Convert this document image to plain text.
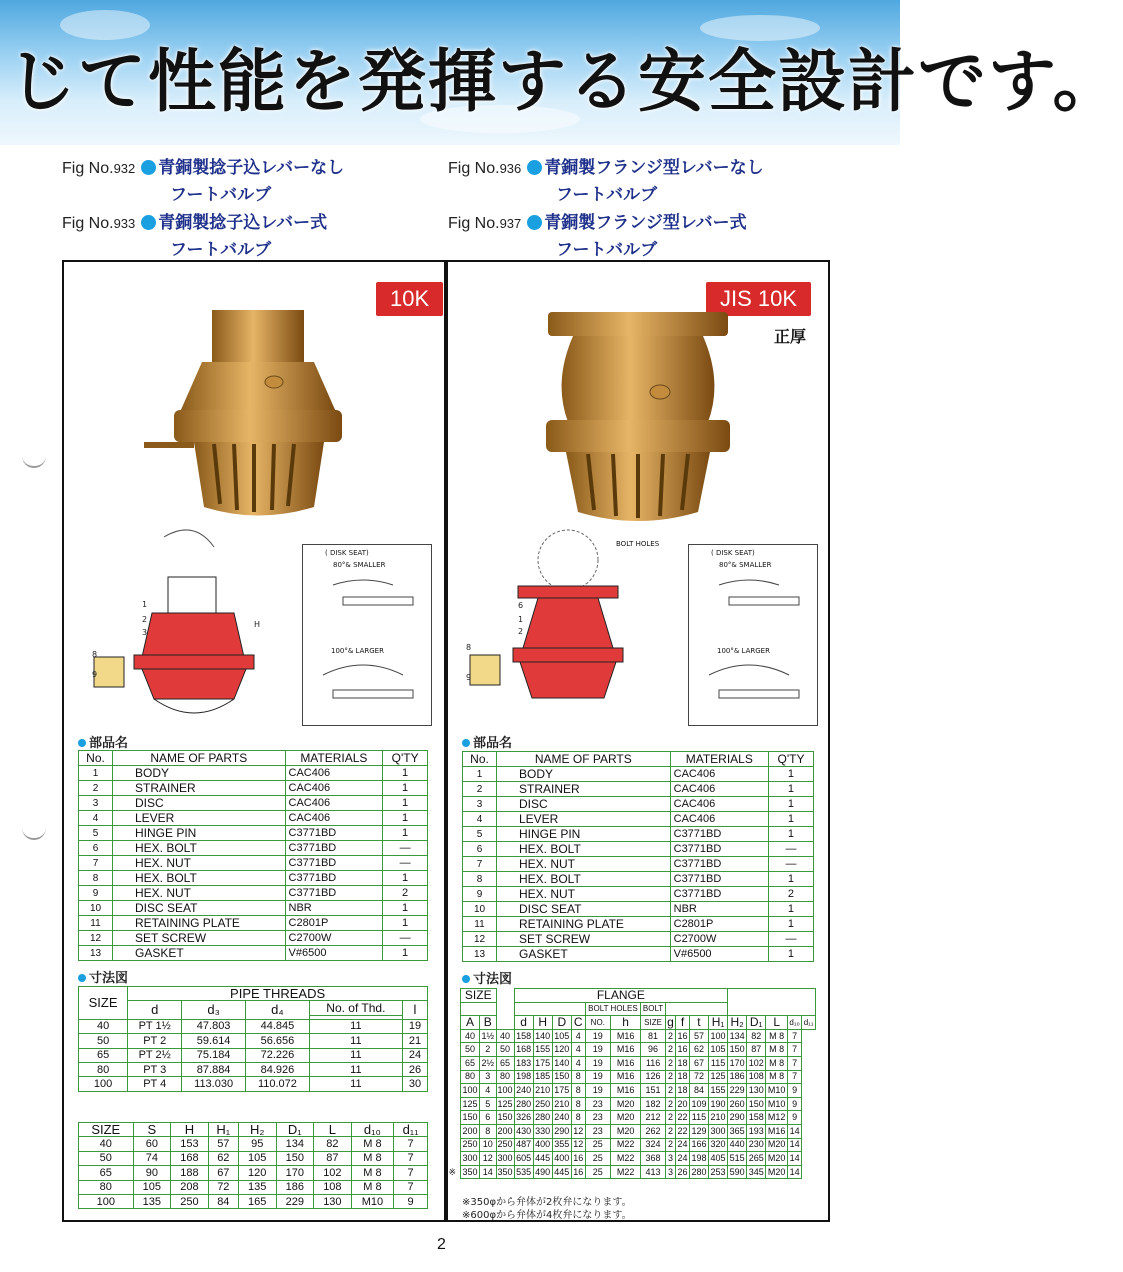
じて性能を発揮する安全設計です。
Fig No.932 青銅製捻子込レバーなし
フートバルブ
Fig No.933 青銅製捻子込レバー式
フートバルブ
Fig No.936 青銅製フランジ型レバーなし
フートバルブ
Fig No.937 青銅製フランジ型レバー式
フートバルブ
10K
1
2
3
8
9
H
( DISK SEAT)
80°& SMALLER
100°& LARGER
部品名
No.	NAME OF PARTS	MATERIALS	Q'TY
1	BODY	CAC406	1
2	STRAINER	CAC406	1
3	DISC	CAC406	1
4	LEVER	CAC406	1
5	HINGE PIN	C3771BD	1
6	HEX. BOLT	C3771BD	—
7	HEX. NUT	C3771BD	—
8	HEX. BOLT	C3771BD	1
9	HEX. NUT	C3771BD	2
10	DISC SEAT	NBR	1
11	RETAINING PLATE	C2801P	1
12	SET SCREW	C2700W	—
13	GASKET	V#6500	1
寸法図
SIZE	PIPE THREADS				
	d	d₃	d₄	No. of Thd.	l

40	PT 1½	47.803	44.845	11	19
50	PT 2	59.614	56.656	11	21
65	PT 2½	75.184	72.226	11	24
80	PT 3	87.884	84.926	11	26
100	PT 4	113.030	110.072	11	30
SIZE	S	H	H₁	H₂	D₁	L	d₁₀	d₁₁
40	60	153	57	95	134	82	M 8	7
50	74	168	62	105	150	87	M 8	7
65	90	188	67	120	170	102	M 8	7
80	105	208	72	135	186	108	M 8	7
100	135	250	84	165	229	130	M10	9
JIS 10K
正厚
6
1
2
8
9
BOLT HOLES
( DISK SEAT)
80°& SMALLER
100°& LARGER
部品名
No.	NAME OF PARTS	MATERIALS	Q'TY
1	BODY	CAC406	1
2	STRAINER	CAC406	1
3	DISC	CAC406	1
4	LEVER	CAC406	1
5	HINGE PIN	C3771BD	1
6	HEX. BOLT	C3771BD	—
7	HEX. NUT	C3771BD	—
8	HEX. BOLT	C3771BD	1
9	HEX. NUT	C3771BD	2
10	DISC SEAT	NBR	1
11	RETAINING PLATE	C2801P	1
12	SET SCREW	C2700W	—
13	GASKET	V#6500	1
寸法図
SIZE			FLANGE															
							BOLT HOLES		BOLT									
A	B		d	H	D	C	NO.	h	SIZE	g	f	t	H₁	H₂	D₁	L	d₁₀	d₁₁
40	1½	40	158	140	105	4	19	M16	81	2	16	57	100	134	82	M 8	7	
50	2	50	168	155	120	4	19	M16	96	2	16	62	105	150	87	M 8	7	
65	2½	65	183	175	140	4	19	M16	116	2	18	67	115	170	102	M 8	7	
80	3	80	198	185	150	8	19	M16	126	2	18	72	125	186	108	M 8	7	
100	4	100	240	210	175	8	19	M16	151	2	18	84	155	229	130	M10	9	
125	5	125	280	250	210	8	23	M20	182	2	20	109	190	260	150	M10	9	
150	6	150	326	280	240	8	23	M20	212	2	22	115	210	290	158	M12	9	
200	8	200	430	330	290	12	23	M20	262	2	22	129	300	365	193	M16	14	
250	10	250	487	400	355	12	25	M22	324	2	24	166	320	440	230	M20	14	
300	12	300	605	445	400	16	25	M22	368	3	24	198	405	515	265	M20	14	

※ 350	14	350	535	490	445	16	25	M22	413	3	26	280	253	590	345	M20	14	
※350φから弁体が2枚弁になります。
※600φから弁体が4枚弁になります。
2
